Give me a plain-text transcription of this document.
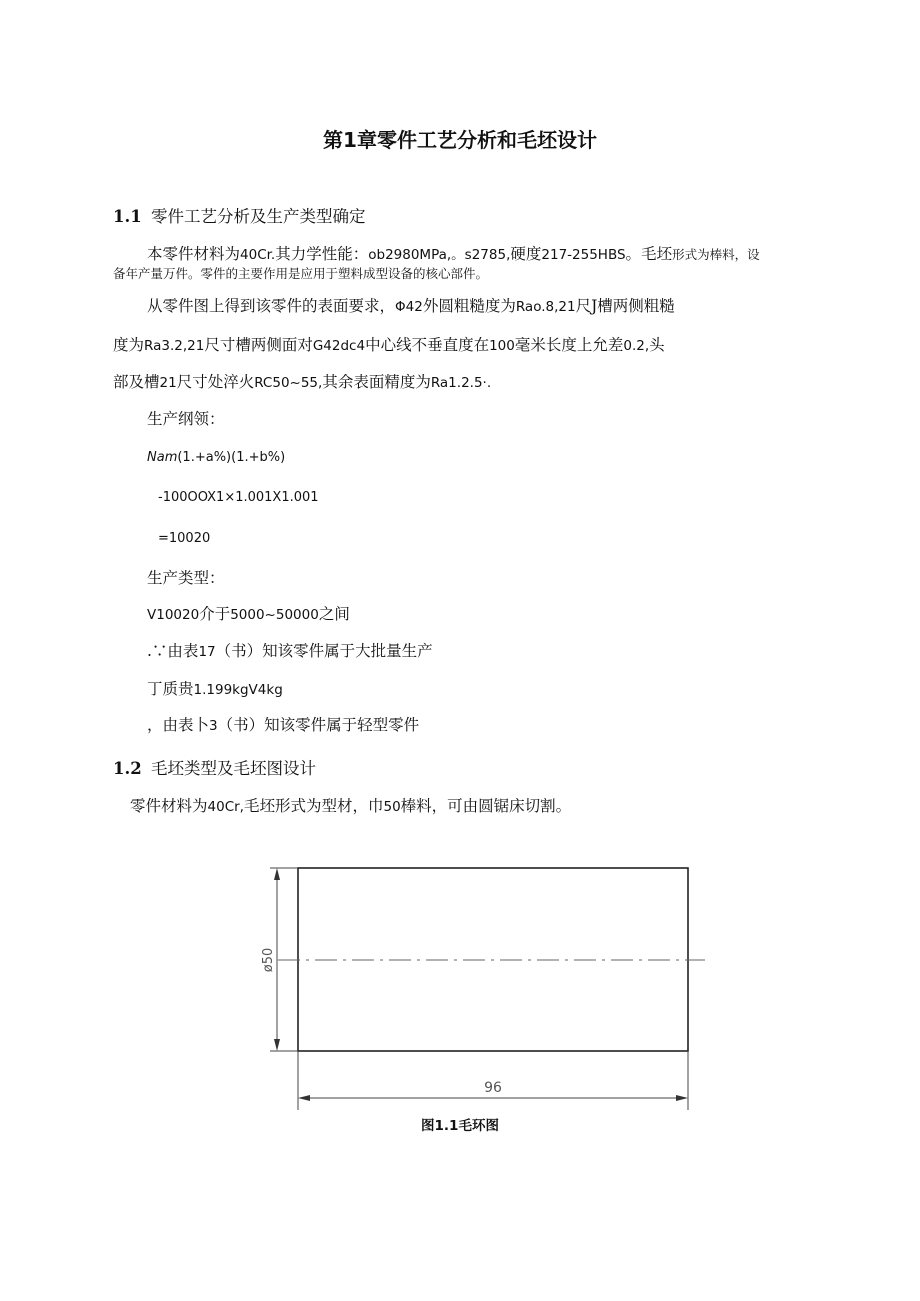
第1章零件工艺分析和毛坯设计
1.1 零件工艺分析及生产类型确定
本零件材料为40Cr.其力学性能：ob2980MPa,。s2785,硬度217-255HBS。毛坯形式为棒料，设
备年产量万件。零件的主要作用是应用于塑料成型设备的核心部件。
从零件图上得到该零件的表面要求，Φ42外圆粗糙度为Rao.8,21尺J槽两侧粗糙
度为Ra3.2,21尺寸槽两侧面对G42dc4中心线不垂直度在100毫米长度上允差0.2,头
部及槽21尺寸处淬火RC50~55,其余表面精度为Ra1.2.5·.
生产纲领：
Nam(1.+a%)(1.+b%)
-100OOX1×1.001X1.001
=10020
生产类型：
V10020介于5000~50000之间
.∵由表17（书）知该零件属于大批量生产
丁质贵1.199kgV4kg
，由表卜3（书）知该零件属于轻型零件
1.2 毛坯类型及毛坯图设计
零件材料为40Cr,毛坯形式为型材，巾50棒料，可由圆锯床切割。
ø50
96
图1.1毛环图
